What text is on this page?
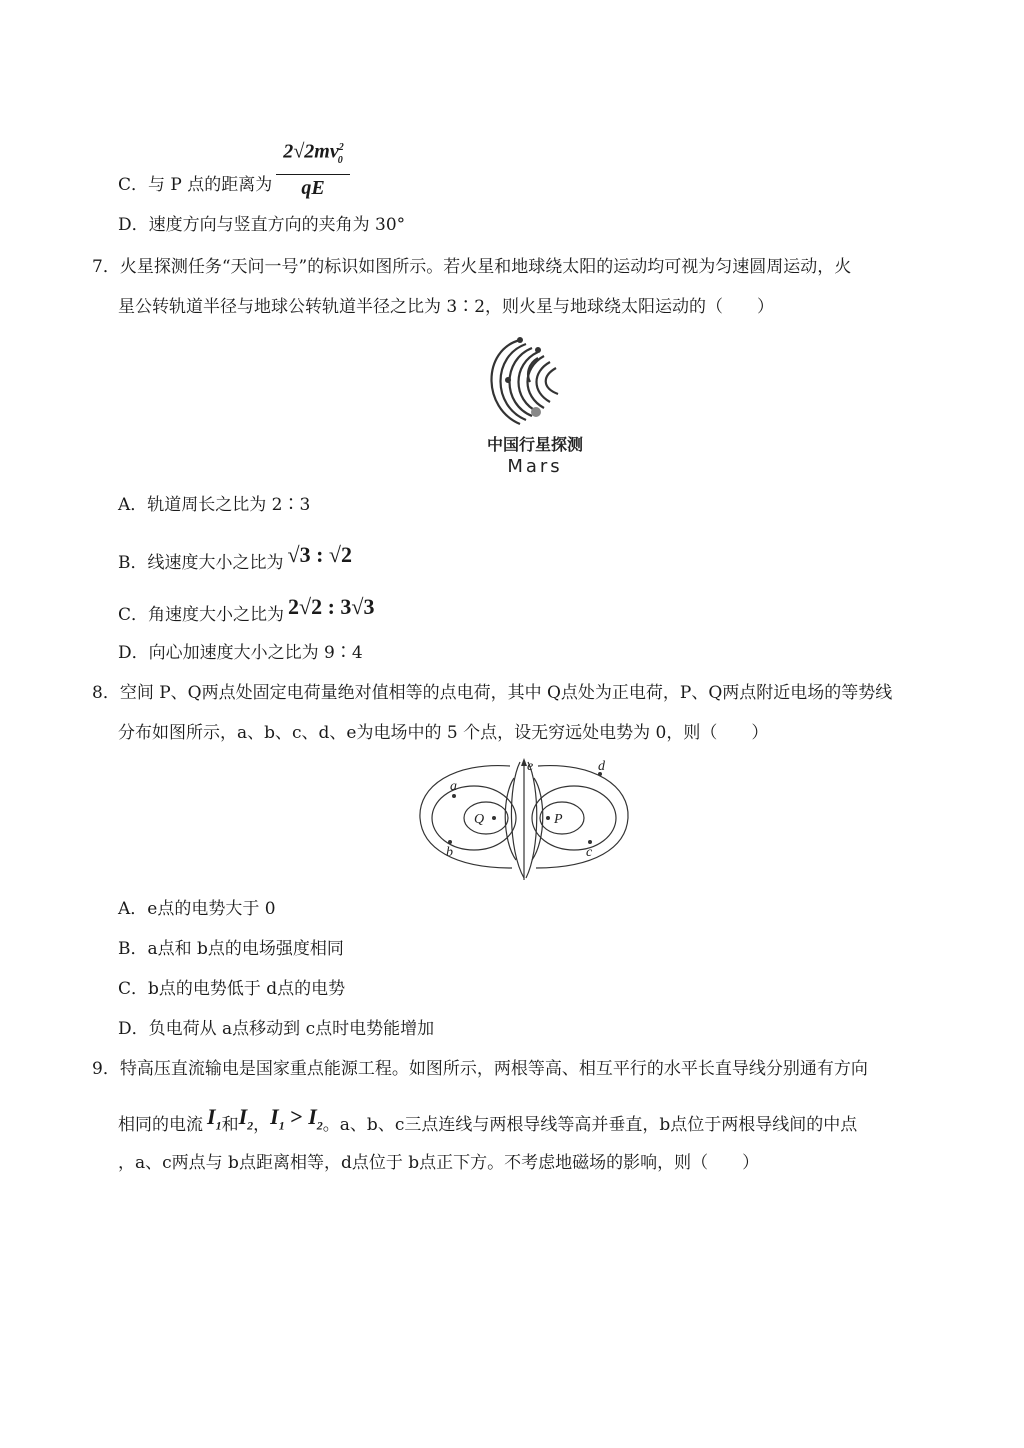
$\frac{2√2mv^2_0}{qE}$
C．与 P 点的距离为
D．速度方向与竖直方向的夹角为 30°
7．火星探测任务“天问一号”的标识如图所示。若火星和地球绕太阳的运动均可视为匀速圆周运动，火
星公转轨道半径与地球公转轨道半径之比为 3∶2，则火星与地球绕太阳运动的（　　）
中国行星探测
Mars
A．轨道周长之比为 2∶3
B．线速度大小之比为 √3 : √2
C．角速度大小之比为 2√2 : 3√3
D．向心加速度大小之比为 9∶4
8．空间 P、Q两点处固定电荷量绝对值相等的点电荷，其中 Q点处为正电荷，P、Q两点附近电场的等势线
分布如图所示，a、b、c、d、e为电场中的 5 个点，设无穷远处电势为 0，则（　　）
a
b	c
d
e
Q	P
A．e点的电势大于 0
B．a点和 b点的电场强度相同
C．b点的电势低于 d点的电势
D．负电荷从 a点移动到 c点时电势能增加
9．特高压直流输电是国家重点能源工程。如图所示，两根等高、相互平行的水平长直导线分别通有方向
相同的电流 $I_1$和$I_2$，$I_1 > I_2$。a、b、c三点连线与两根导线等高并垂直，b点位于两根导线间的中点
，a、c两点与 b点距离相等，d点位于 b点正下方。不考虑地磁场的影响，则（　　）
